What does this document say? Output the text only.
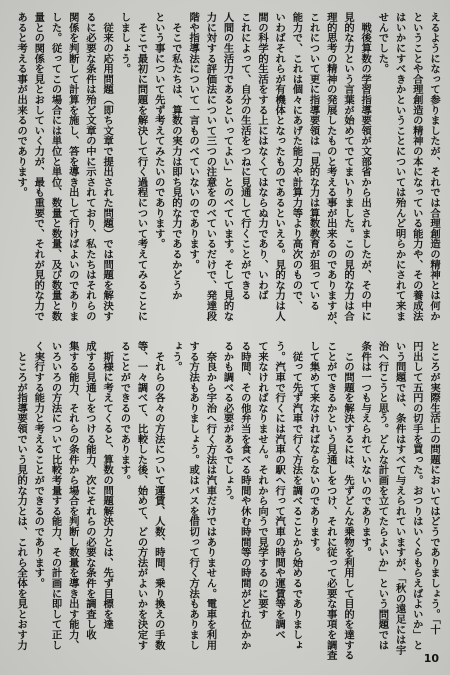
えるようになって参りましたが、それでは合理創造の精神とは何か
ということや合理創造の精神の本になっている能力や、その養成法
はいかにすべきかということについては殆んど明らかにされて来ま
せんでした。
　戦後算数の学習指導要領が文部省から出されましたが、その中に
見的な力という言葉が始めてでてまいりました。この見的な力は合
理的思考の精神の発展したものと考える事が出来るのでありますが、
これについて更に指導要領は「見的な力は算数教育が狙っている
能力で、これは個々にあげた能力や計算力等より高次のもので、
いわばそれらが有機体となったものであるといえる。見的な力は人
間の科学的生活をする上にはなくてはならぬ力であり、いわば
これによって、自分の生活をつねに見通して行くことができる
人間の生活力であるといってよい」とのべています。そして見的な
力に対する評価法について三つの注意をのべているだけで、発達段
階や指導法について一言ものべていないのであります。
　そこで私たちは、算数の実力は即ち見的な力であるかどうか
という事について先ず考えてみたいのであります。
　そこで最初に問題を解決して行く過程について考えてみることに
しましょう。
　従来の応用問題（即ち文章で提出された問題）では問題を解決す
るに必要な条件は殆ど文章の中に示されており、私たちはそれらの
関係を判断して計算を施し、答を導き出して行けばよいのでありま
した。従ってこの場合には単位と単位、数量と数量、及び数量と数
量との関係を見とおしていく力が、最も重要で、それが見的な力で
あると考える事が出来るのであります。
ところが実際生活上の問題においてはどうでありましょう。「十
円出して五円の切手を買った。おつりはいくらもらえばよいか」と
いう問題では、条件はすべて与えられていますが、「秋の遠足には宇
治へ行こうと思う。どんな計画を立てたらよいか」という問題では
条件は一つも与えられていないのであります。
　この問題を解決するには、先ずどんな乗物を利用して目的を達する
ことができるかという見通しをつけ、それに従って必要な事項を調査
して集めて来なければならないのであります。
　従って先ず汽車で行く方法を調べることから始めるでありましょ
う。汽車で行くには汽車の駅へ行って汽車の時間や運賃等を調べ
て来なければなりません。それから向うで見学するのに要す
る時間、その他弁当を食べる時間や休む時間等の時間がどれ位かか
るかも調べる必要があるでしょう。
　奈良から宇治へ行く方法は汽車だけではありません。電車を利用
する方法もありましょう。或はバスを借切って行く方法もありまし
ょう。
　それらの各々の方法について運賃、人数、時間、乗り換えの手数
等、一々調べて、比較した後、始めて、どの方法がよいかを決定す
ることができるのであります。
　斯様に考えてくると、算数の問題解決力とは、先ず目標を達
成する見通しをつける能力、次にそれらの必要な条件を調査し收
集する能力、それらの条件から場合を判断し数量を導き出す能力、
いろいろの方法について比較考量する能力、その計画に即して正し
く実行する能力と考えることができるのであります。
　ところが指導要領でいう見的な力とは、これら全体を見とおす力
10
